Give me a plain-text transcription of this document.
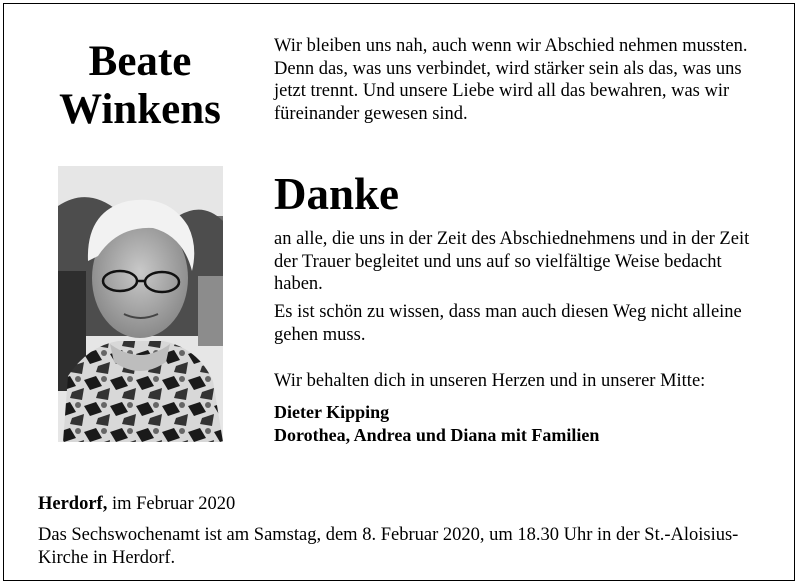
Beate
Winkens
Wir bleiben uns nah, auch wenn wir Abschied nehmen mussten. Denn das, was uns verbindet, wird stärker sein als das, was uns jetzt trennt. Und unsere Liebe wird all das bewahren, was wir füreinander gewesen sind.
Danke
an alle, die uns in der Zeit des Abschiednehmens und in der Zeit der Trauer begleitet und uns auf so vielfältige Weise bedacht haben.
Es ist schön zu wissen, dass man auch diesen Weg nicht alleine gehen muss.
Wir behalten dich in unseren Herzen und in unserer Mitte:
Dieter Kipping
Dorothea, Andrea und Diana mit Familien
Herdorf, im Februar 2020
Das Sechswochenamt ist am Samstag, dem 8. Februar 2020, um 18.30 Uhr in der St.-Aloisius-Kirche in Herdorf.
